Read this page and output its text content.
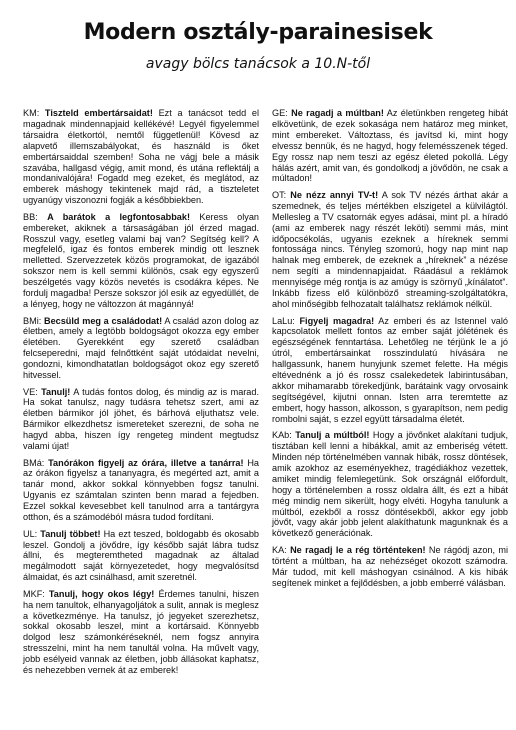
Modern osztály-parainesisek

avagy bölcs tanácsok a 10.N-től

KM: Tiszteld embertársaidat! Ezt a tanácsot tedd el magadnak mindennapjaid kellékévé! Legyél figyelemmel társaidra életkortól, nemtől függetlenül! Kövesd az alapvető illemszabályokat, és használd is őket embertársaiddal szemben! Soha ne vágj bele a másik szavába, hallgasd végig, amit mond, és utána reflektálj a mondanivalójára! Fogadd meg ezeket, és meglátod, az emberek máshogy tekintenek majd rád, a tiszteletet ugyanúgy viszonozni fogják a későbbiekben.

BB: A barátok a legfontosabbak! Keress olyan embereket, akiknek a társaságában jól érzed magad. Rosszul vagy, esetleg valami baj van? Segítség kell? A megfelelő, igaz és fontos emberek mindig ott lesznek melletted. Szervezzetek közös programokat, de igazából sokszor nem is kell semmi különös, csak egy egyszerű beszélgetés vagy közös nevetés is csodákra képes. Ne fordulj magadba! Persze sokszor jól esik az egyedüllét, de a lényeg, hogy ne változzon át magánnyá!

BMi: Becsüld meg a családodat! A család azon dolog az életben, amely a legtöbb boldogságot okozza egy ember életében. Gyerekként egy szerető családban felcseperedni, majd felnőttként saját utódaidat nevelni, gondozni, kimondhatatlan boldogságot okoz egy szerető hitvessel.

VE: Tanulj! A tudás fontos dolog, és mindig az is marad. Ha sokat tanulsz, nagy tudásra tehetsz szert, ami az életben bármikor jól jöhet, és bárhová eljuthatsz vele. Bármikor elkezdhetsz ismereteket szerezni, de soha ne hagyd abba, hiszen így rengeteg mindent megtudsz valami újat!

BMá: Tanórákon figyelj az órára, illetve a tanárra! Ha az órákon figyelsz a tananyagra, és megérted azt, amit a tanár mond, akkor sokkal könnyebben fogsz tanulni. Ugyanis ez számtalan szinten benn marad a fejedben. Ezzel sokkal kevesebbet kell tanulnod arra a tantárgyra otthon, és a számodéból másra tudod fordítani.

UL: Tanulj többet! Ha ezt teszed, boldogabb és okosabb leszel. Gondolj a jövődre, így később saját lábra tudsz állni, és megteremtheted magadnak az általad megálmodott saját környezetedet, hogy megvalósítsd álmaidat, és azt csinálhasd, amit szeretnél.

MKF: Tanulj, hogy okos légy! Érdemes tanulni, hiszen ha nem tanultok, elhanyagoljátok a sulit, annak is meglesz a következménye. Ha tanulsz, jó jegyeket szerezhetsz, sokkal okosabb leszel, mint a kortársaid. Könnyebb dolgod lesz számonkéréseknél, nem fogsz annyira stresszelni, mint ha nem tanultál volna. Ha művelt vagy, jobb esélyeid vannak az életben, jobb állásokat kaphatsz, és nehezebben vernek át az emberek!

GE: Ne ragadj a múltban! Az életünkben rengeteg hibát elkövetünk, de ezek sokasága nem határoz meg minket, mint embereket. Változtass, és javítsd ki, mint hogy elvessz bennük, és ne hagyd, hogy felemésszenek téged. Egy rossz nap nem teszi az egész életed pokollá. Légy hálás azért, amit van, és gondolkodj a jövődön, ne csak a múltadon!

OT: Ne nézz annyi TV-t! A sok TV nézés árthat akár a szemednek, és teljes mértékben elszigetel a külvilágtól. Mellesleg a TV csatornák egyes adásai, mint pl. a híradó (ami az emberek nagy részét leköti) semmi más, mint időpocsékolás, ugyanis ezeknek a híreknek semmi fontossága nincs. Tényleg szomorú, hogy nap mint nap halnak meg emberek, de ezeknek a „híreknek” a nézése nem segíti a mindennapjaidat. Ráadásul a reklámok mennyisége még rontja is az amúgy is szörnyű „kínálatot”. Inkább fizess elő különböző streaming-szolgáltatókra, ahol minőségibb felhozatalt találhatsz reklámok nélkül.

LaLu: Figyelj magadra! Az emberi és az Istennel való kapcsolatok mellett fontos az ember saját jólétének és egészségének fenntartása. Lehetőleg ne térjünk le a jó útról, embertársainkat rosszindulatú hívására ne hallgassunk, hanem hunyjunk szemet felette. Ha mégis eltévednénk a jó és rossz csalekedetek labirintusában, akkor mihamarabb törekedjünk, barátaink vagy orvosaink segítségével, kijutni onnan. Isten arra teremtette az embert, hogy hasson, alkosson, s gyarapítson, nem pedig rombolni saját, s ezzel együtt társadalma életét.

KAb: Tanulj a múltból! Hogy a jövőnket alakítani tudjuk, tisztában kell lenni a hibákkal, amit az emberiség vétett. Minden nép történelmében vannak hibák, rossz döntések, amik azokhoz az eseményekhez, tragédiákhoz vezettek, amiket mindig felemlegetünk. Sok országnál előfordult, hogy a történelemben a rossz oldalra állt, és ezt a hibát még mindig nem sikerült, hogy elvéti. Hogyha tanulunk a múltból, ezekből a rossz döntésekből, akkor egy jobb jövőt, vagy akár jobb jelent alakíthatunk magunknak és a következő generációnak.

KA: Ne ragadj le a rég történteken! Ne rágódj azon, mi történt a múltban, ha az nehézséget okozott számodra. Már tudod, mit kell máshogyan csinálnod. A kis hibák segítenek minket a fejlődésben, a jobb emberré válásban.
